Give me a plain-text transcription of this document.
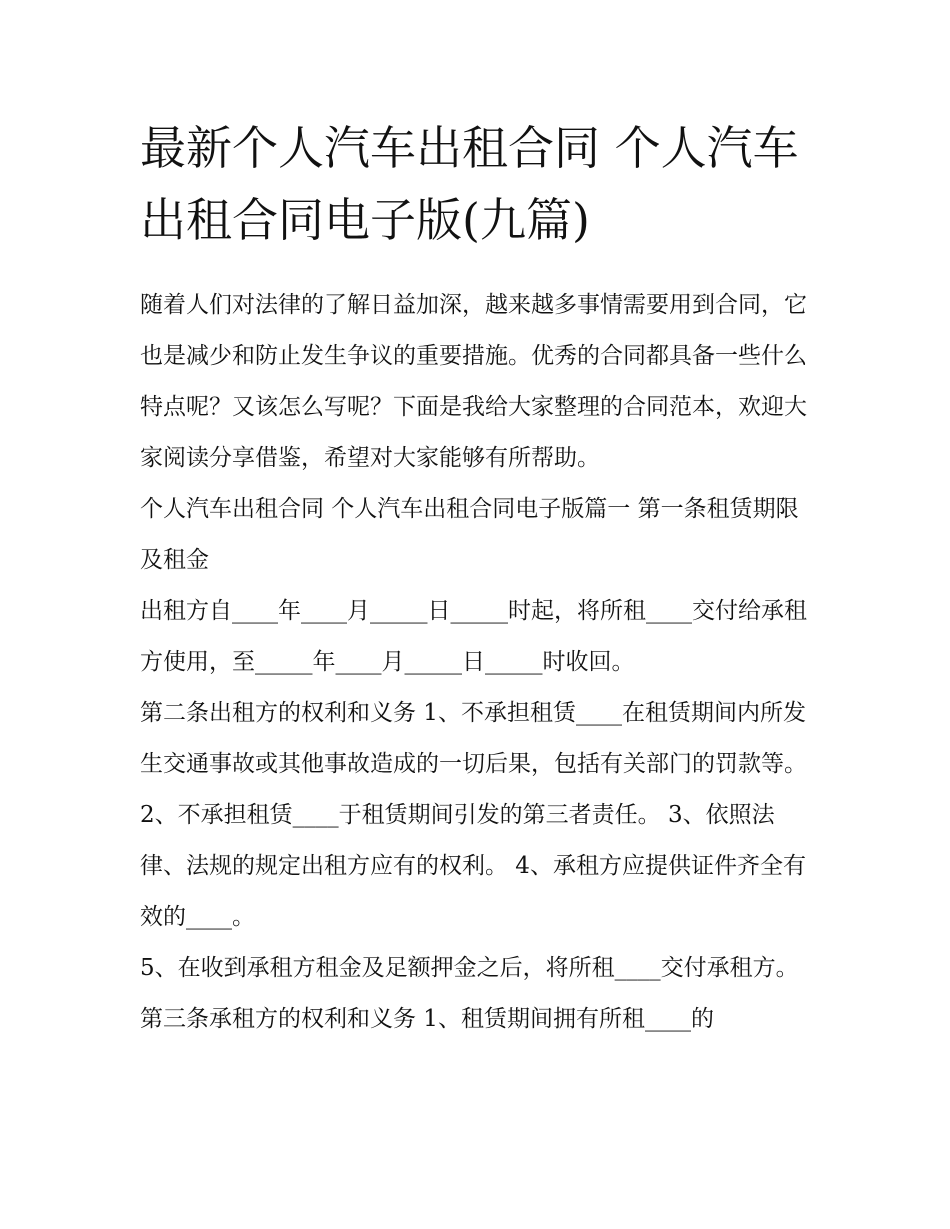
最新个人汽车出租合同 个人汽车出租合同电子版(九篇)

随着人们对法律的了解日益加深，越来越多事情需要用到合同，它也是减少和防止发生争议的重要措施。优秀的合同都具备一些什么特点呢？又该怎么写呢？下面是我给大家整理的合同范本，欢迎大家阅读分享借鉴，希望对大家能够有所帮助。

个人汽车出租合同 个人汽车出租合同电子版篇一 第一条租赁期限及租金

出租方自____年____月_____日_____时起，将所租____交付给承租方使用，至_____年____月_____日_____时收回。

第二条出租方的权利和义务 1、不承担租赁____在租赁期间内所发生交通事故或其他事故造成的一切后果，包括有关部门的罚款等。

2、不承担租赁____于租赁期间引发的第三者责任。 3、依照法律、法规的规定出租方应有的权利。 4、承租方应提供证件齐全有效的____。

5、在收到承租方租金及足额押金之后，将所租____交付承租方。 第三条承租方的权利和义务 1、租赁期间拥有所租____的
